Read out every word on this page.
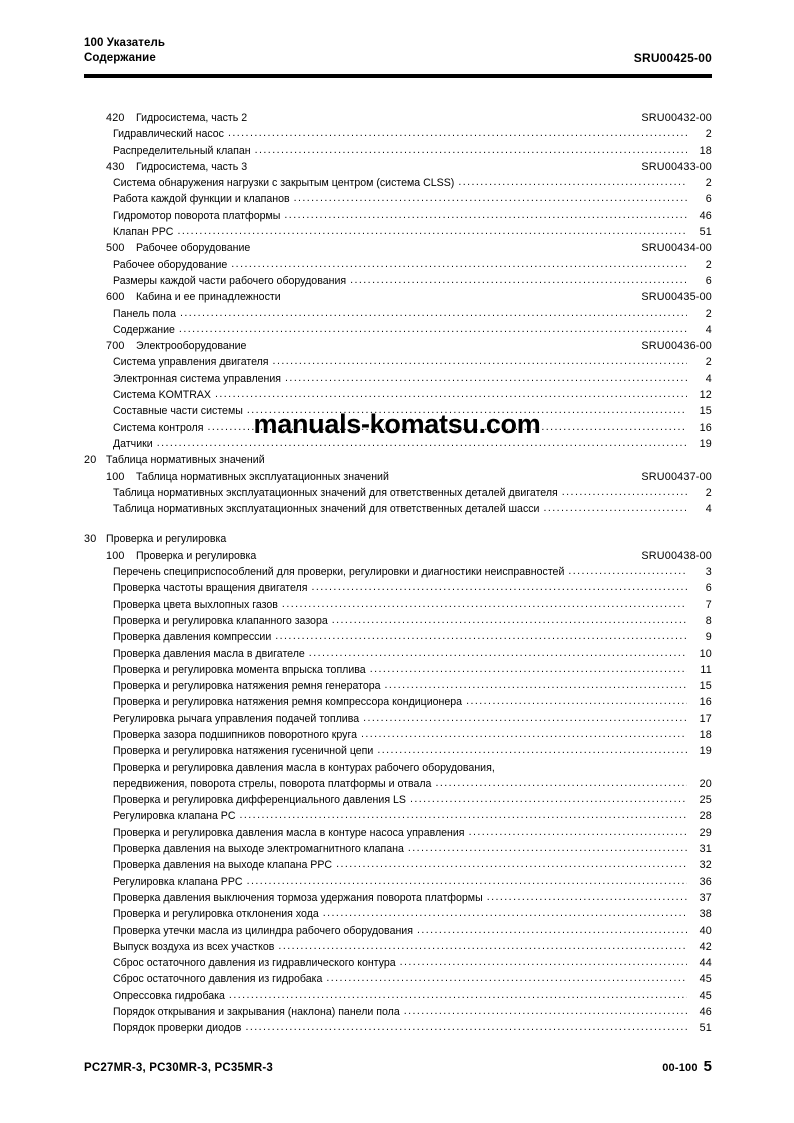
100 Указатель
Содержание	SRU00425-00
420	Гидросистема, часть 2	SRU00432-00
Гидравлический насос .....	2
Распределительный клапан .....	18
430	Гидросистема, часть 3	SRU00433-00
Система обнаружения нагрузки с закрытым центром (система CLSS) .....	2
Работа каждой функции и клапанов .....	6
Гидромотор поворота платформы .....	46
Клапан PPC .....	51
500	Рабочее оборудование	SRU00434-00
Рабочее оборудование .....	2
Размеры каждой части рабочего оборудования .....	6
600	Кабина и ее принадлежности	SRU00435-00
Панель пола .....	2
Содержание .....	4
700	Электрооборудование	SRU00436-00
Система управления двигателя .....	2
Электронная система управления .....	4
Система KOMTRAX .....	12
Составные части системы .....	15
Система контроля .....	16
Датчики .....	19
20 Таблица нормативных значений
100	Таблица нормативных эксплуатационных значений	SRU00437-00
Таблица нормативных эксплуатационных значений для ответственных деталей двигателя .....	2
Таблица нормативных эксплуатационных значений для ответственных деталей шасси .....	4
30 Проверка и регулировка
100	Проверка и регулировка	SRU00438-00
Перечень специприспособлений для проверки, регулировки и диагностики неисправностей .....	3
Проверка частоты вращения двигателя .....	6
Проверка цвета выхлопных газов .....	7
Проверка и регулировка клапанного зазора .....	8
Проверка давления компрессии .....	9
Проверка давления масла в двигателе .....	10
Проверка и регулировка момента впрыска топлива .....	11
Проверка и регулировка натяжения ремня генератора .....	15
Проверка и регулировка натяжения ремня компрессора кондиционера .....	16
Регулировка рычага управления подачей топлива .....	17
Проверка зазора подшипников поворотного круга .....	18
Проверка и регулировка натяжения гусеничной цепи .....	19
Проверка и регулировка давления масла в контурах рабочего оборудования,
передвижения, поворота стрелы, поворота платформы и отвала .....	20
Проверка и регулировка дифференциального давления LS .....	25
Регулировка клапана PC .....	28
Проверка и регулировка давления масла в контуре насоса управления .....	29
Проверка давления на выходе электромагнитного клапана .....	31
Проверка давления на выходе клапана PPC .....	32
Регулировка клапана PPC .....	36
Проверка давления выключения тормоза удержания поворота платформы .....	37
Проверка и регулировка отклонения хода .....	38
Проверка утечки масла из цилиндра рабочего оборудования .....	40
Выпуск воздуха из всех участков .....	42
Сброс остаточного давления из гидравлического контура .....	44
Сброс остаточного давления из гидробака .....	45
Опрессовка гидробака .....	45
Порядок открывания и закрывания (наклона) панели пола .....	46
Порядок проверки диодов .....	51
manuals-komatsu.com
PC27MR-3, PC30MR-3, PC35MR-3	00-100 5
